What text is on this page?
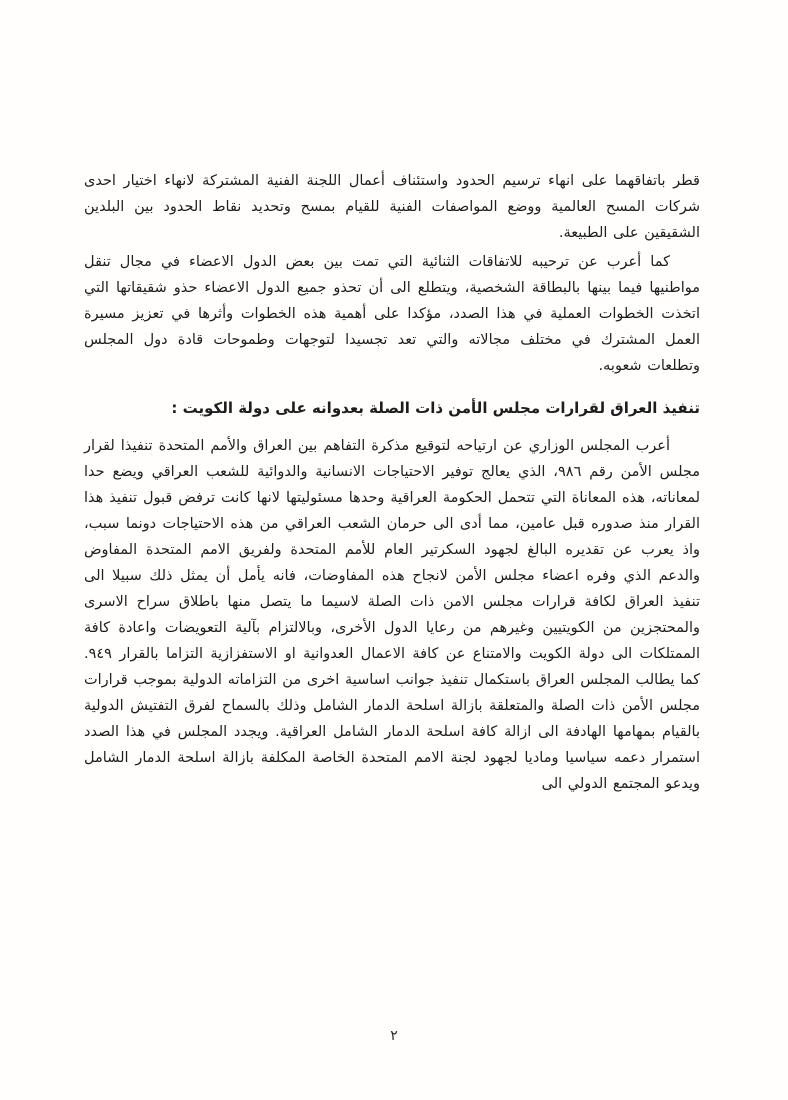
قطر باتفاقهما على انهاء ترسيم الحدود واستئناف أعمال اللجنة الفنية المشتركة لانهاء اختيار احدى شركات المسح العالمية ووضع المواصفات الفنية للقيام بمسح وتحديد نقاط الحدود بين البلدين الشقيقين على الطبيعة.

كما أعرب عن ترحيبه للاتفاقات الثنائية التي تمت بين بعض الدول الاعضاء في مجال تنقل مواطنيها فيما بينها بالبطاقة الشخصية، ويتطلع الى أن تحذو جميع الدول الاعضاء حذو شقيقاتها التي اتخذت الخطوات العملية في هذا الصدد، مؤكدا على أهمية هذه الخطوات وأثرها في تعزيز مسيرة العمل المشترك في مختلف مجالاته والتي تعد تجسيدا لتوجهات وطموحات قادة دول المجلس وتطلعات شعوبه.

تنفيذ العراق لقرارات مجلس الأمن ذات الصلة بعدوانه على دولة الكويت :

أعرب المجلس الوزاري عن ارتياحه لتوقيع مذكرة التفاهم بين العراق والأمم المتحدة تنفيذا لقرار مجلس الأمن رقم ٩٨٦، الذي يعالج توفير الاحتياجات الانسانية والدوائية للشعب العراقي ويضع حدا لمعاناته، هذه المعاناة التي تتحمل الحكومة العراقية وحدها مسئوليتها لانها كانت ترفض قبول تنفيذ هذا القرار منذ صدوره قبل عامين، مما أدى الى حرمان الشعب العراقي من هذه الاحتياجات دونما سبب، واذ يعرب عن تقديره البالغ لجهود السكرتير العام للأمم المتحدة ولفريق الامم المتحدة المفاوض والدعم الذي وفره اعضاء مجلس الأمن لانجاح هذه المفاوضات، فانه يأمل أن يمثل ذلك سبيلا الى تنفيذ العراق لكافة قرارات مجلس الامن ذات الصلة لاسيما ما يتصل منها باطلاق سراح الاسرى والمحتجزين من الكويتيين وغيرهم من رعايا الدول الأخرى، وبالالتزام بآلية التعويضات واعادة كافة الممتلكات الى دولة الكويت والامتناع عن كافة الاعمال العدوانية او الاستفزازية التزاما بالقرار ٩٤٩. كما يطالب المجلس العراق باستكمال تنفيذ جوانب اساسية اخرى من التزاماته الدولية بموجب قرارات مجلس الأمن ذات الصلة والمتعلقة بازالة اسلحة الدمار الشامل وذلك بالسماح لفرق التفتيش الدولية بالقيام بمهامها الهادفة الى ازالة كافة اسلحة الدمار الشامل العراقية. ويجدد المجلس في هذا الصدد استمرار دعمه سياسيا وماديا لجهود لجنة الامم المتحدة الخاصة المكلفة بازالة اسلحة الدمار الشامل ويدعو المجتمع الدولي الى

٢
